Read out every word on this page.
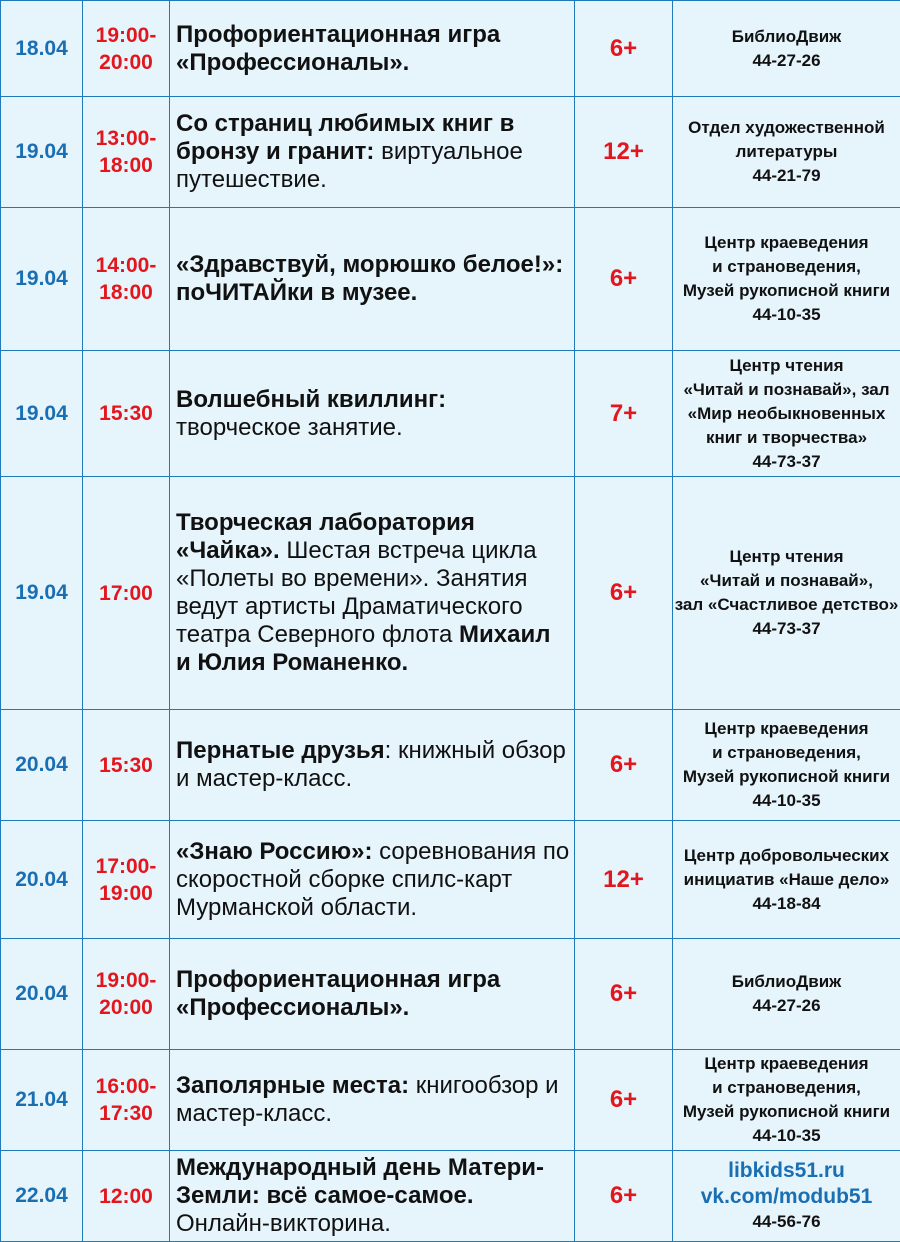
18.04	19:00-
20:00	Профориентационная игра «Профессионалы».	6+	БиблиоДвиж
44-27-26

19.04	13:00-
18:00	Со страниц любимых книг в бронзу и гранит: виртуальное путешествие.	12+	Отдел художественной
литературы
44-21-79

19.04	14:00-
18:00	«Здравствуй, морюшко белое!»: поЧИТАЙки в музее.	6+	Центр краеведения
и страноведения,
Музей рукописной книги
44-10-35

19.04	15:30	Волшебный квиллинг: творческое занятие.	7+	Центр чтения
«Читай и познавай», зал
«Мир необыкновенных
книг и творчества»
44-73-37

19.04	17:00	Творческая лаборатория «Чайка». Шестая встреча цикла «Полеты во времени». Занятия ведут артисты Драматического театра Северного флота Михаил и Юлия Романенко.	6+	Центр чтения
«Читай и познавай»,
зал «Счастливое детство»
44-73-37

20.04	15:30	Пернатые друзья: книжный обзор и мастер-класс.	6+	Центр краеведения
и страноведения,
Музей рукописной книги
44-10-35

20.04	17:00-
19:00	«Знаю Россию»: соревнования по скоростной сборке спилс-карт Мурманской области.	12+	Центр добровольческих
инициатив «Наше дело»
44-18-84

20.04	19:00-
20:00	Профориентационная игра «Профессионалы».	6+	БиблиоДвиж
44-27-26

21.04	16:00-
17:30	Заполярные места: книгообзор и мастер-класс.	6+	Центр краеведения
и страноведения,
Музей рукописной книги
44-10-35

22.04	12:00	Международный день Матери-Земли: всё самое-самое. Онлайн-викторина.	6+	libkids51.ru
vk.com/modub51
44-56-76
